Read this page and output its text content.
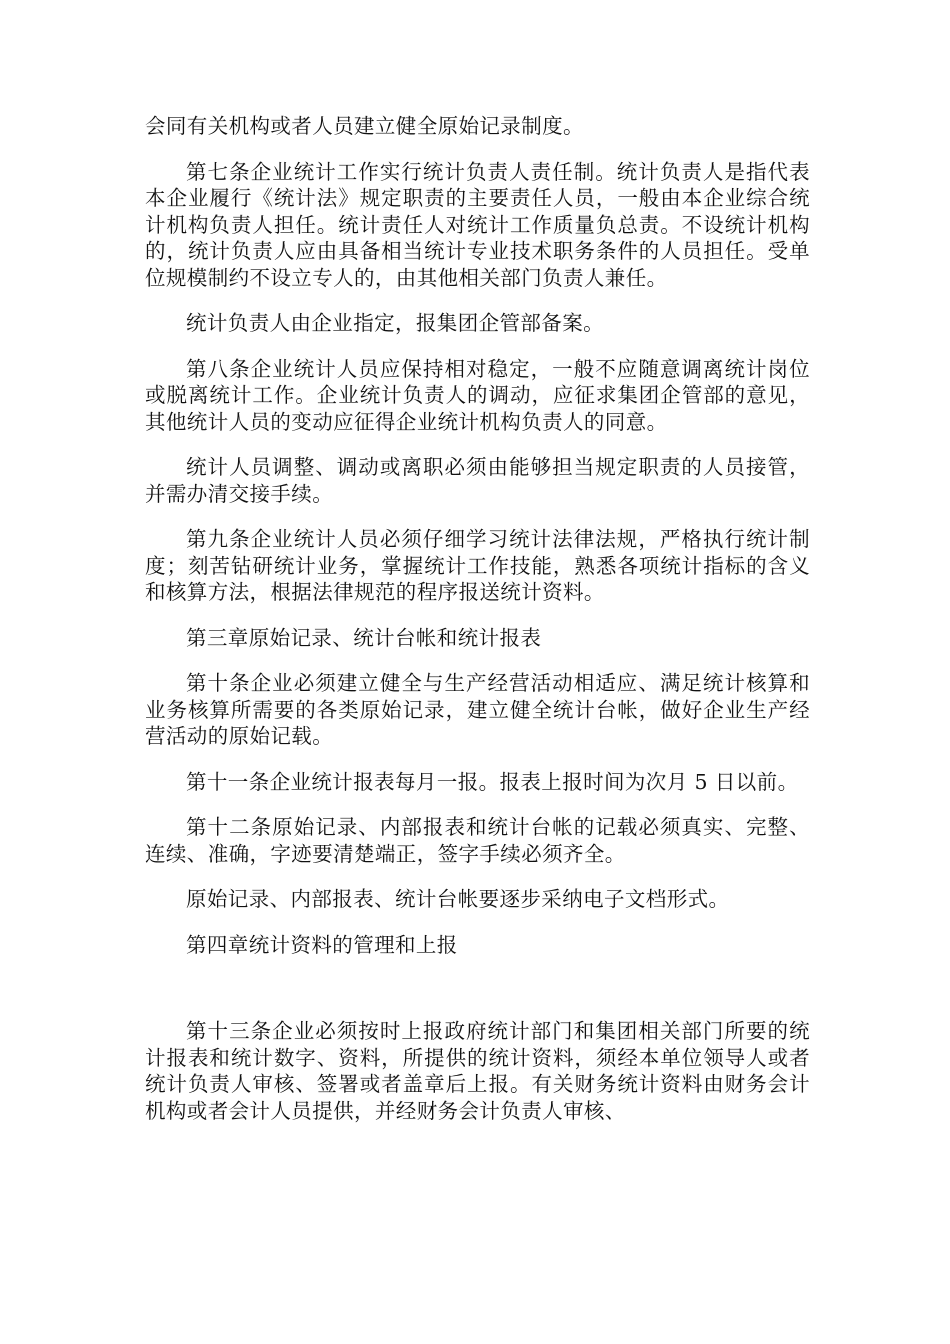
会同有关机构或者人员建立健全原始记录制度。

第七条企业统计工作实行统计负责人责任制。统计负责人是指代表本企业履行《统计法》规定职责的主要责任人员，一般由本企业综合统计机构负责人担任。统计责任人对统计工作质量负总责。不设统计机构的，统计负责人应由具备相当统计专业技术职务条件的人员担任。受单位规模制约不设立专人的，由其他相关部门负责人兼任。

统计负责人由企业指定，报集团企管部备案。

第八条企业统计人员应保持相对稳定，一般不应随意调离统计岗位或脱离统计工作。企业统计负责人的调动，应征求集团企管部的意见，其他统计人员的变动应征得企业统计机构负责人的同意。

统计人员调整、调动或离职必须由能够担当规定职责的人员接管，并需办清交接手续。

第九条企业统计人员必须仔细学习统计法律法规，严格执行统计制度；刻苦钻研统计业务，掌握统计工作技能，熟悉各项统计指标的含义和核算方法，根据法律规范的程序报送统计资料。

第三章原始记录、统计台帐和统计报表

第十条企业必须建立健全与生产经营活动相适应、满足统计核算和业务核算所需要的各类原始记录，建立健全统计台帐，做好企业生产经营活动的原始记载。

第十一条企业统计报表每月一报。报表上报时间为次月 5 日以前。

第十二条原始记录、内部报表和统计台帐的记载必须真实、完整、连续、准确，字迹要清楚端正，签字手续必须齐全。

原始记录、内部报表、统计台帐要逐步采纳电子文档形式。

第四章统计资料的管理和上报

第十三条企业必须按时上报政府统计部门和集团相关部门所要的统计报表和统计数字、资料，所提供的统计资料，须经本单位领导人或者统计负责人审核、签署或者盖章后上报。有关财务统计资料由财务会计机构或者会计人员提供，并经财务会计负责人审核、
